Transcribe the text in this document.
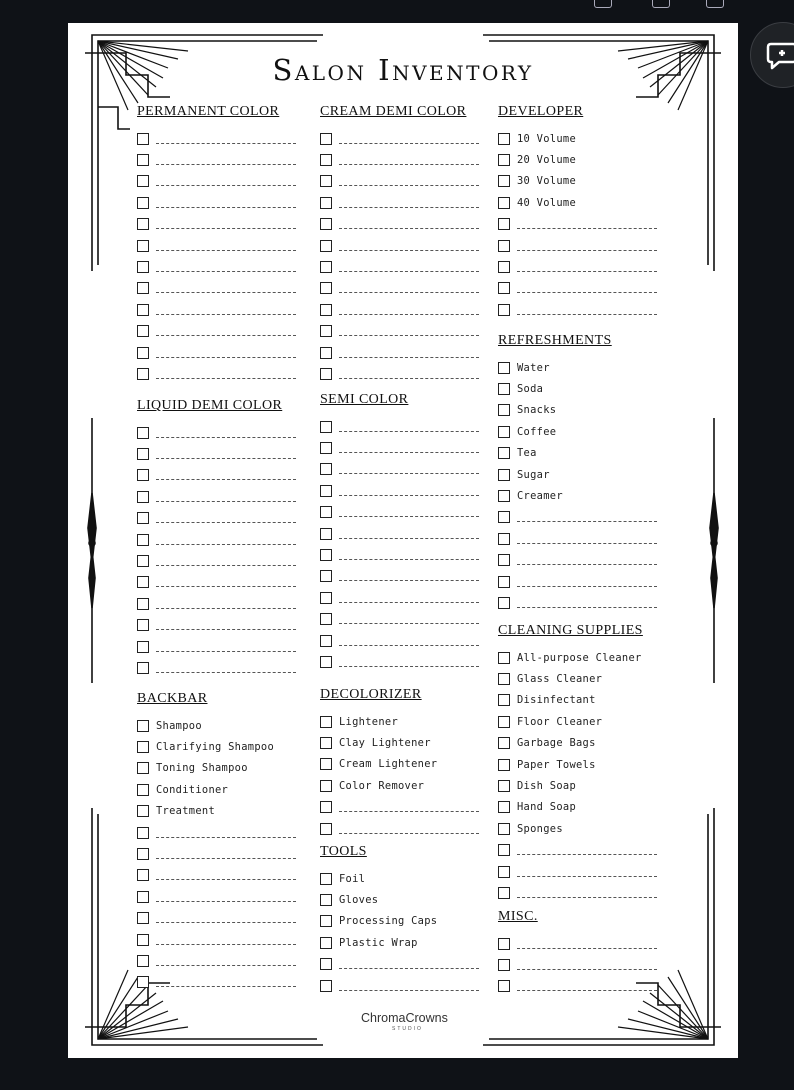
Salon Inventory
PERMANENT COLOR
LIQUID DEMI COLOR
BACKBAR
Shampoo
Clarifying Shampoo
Toning Shampoo
Conditioner
Treatment
CREAM DEMI COLOR
SEMI COLOR
DECOLORIZER
Lightener
Clay Lightener
Cream Lightener
Color Remover
TOOLS
Foil
Gloves
Processing Caps
Plastic Wrap
DEVELOPER
10 Volume
20 Volume
30 Volume
40 Volume
REFRESHMENTS
Water
Soda
Snacks
Coffee
Tea
Sugar
Creamer
CLEANING SUPPLIES
All-purpose Cleaner
Glass Cleaner
Disinfectant
Floor Cleaner
Garbage Bags
Paper Towels
Dish Soap
Hand Soap
Sponges
MISC.
ChromaCrowns
STUDIO
